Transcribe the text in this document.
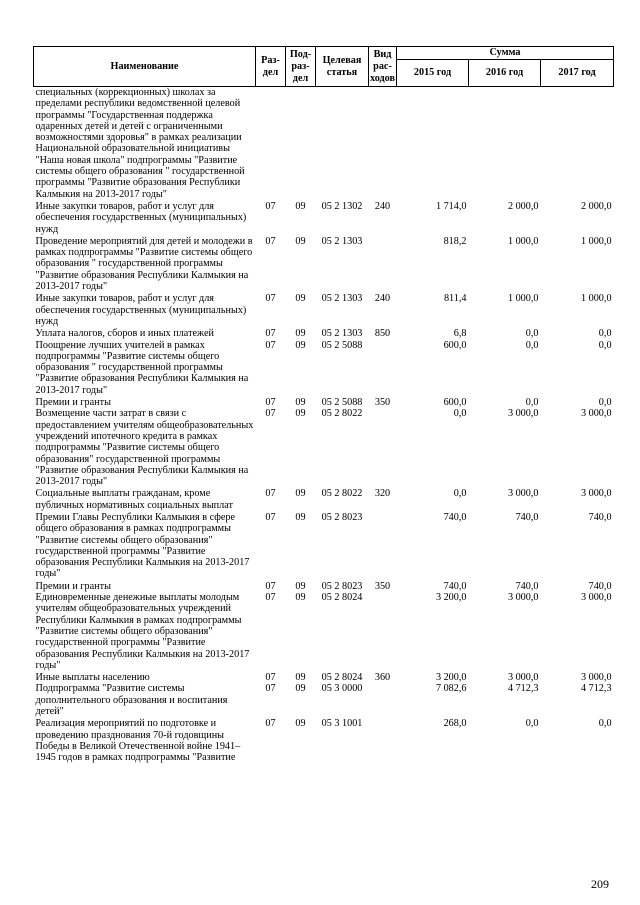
Наименование	Раз-дел	Под-раз-дел	Целевая статья	Вид рас-ходов	Сумма		
					2015 год	2016 год	2017 год
специальных (коррекционных) школах за пределами республики ведомственной целевой программы "Государственная поддержка одаренных детей и детей с ограниченными возможностями здоровья" в рамках реализации Национальной образовательной инициативы "Наша новая школа" подпрограммы "Развитие системы общего образования " государственной программы "Развитие образования Республики Калмыкия на 2013-2017 годы"							
Иные закупки товаров, работ и услуг для обеспечения государственных (муниципальных) нужд	07	09	05 2 1302	240	1 714,0	2 000,0	2 000,0
Проведение мероприятий для детей и молодежи в рамках подпрограммы "Развитие системы общего образования " государственной программы "Развитие образования Республики Калмыкия на 2013-2017 годы"	07	09	05 2 1303		818,2	1 000,0	1 000,0
Иные закупки товаров, работ и услуг для обеспечения государственных (муниципальных) нужд	07	09	05 2 1303	240	811,4	1 000,0	1 000,0
Уплата налогов, сборов и иных платежей	07	09	05 2 1303	850	6,8	0,0	0,0
Поощрение лучших учителей в рамках подпрограммы "Развитие системы общего образования " государственной программы "Развитие образования Республики Калмыкия на 2013-2017 годы"	07	09	05 2 5088		600,0	0,0	0,0
Премии и гранты	07	09	05 2 5088	350	600,0	0,0	0,0
Возмещение части затрат в связи с предоставлением учителям общеобразовательных учреждений ипотечного кредита в рамках подпрограммы "Развитие системы общего образования" государственной программы "Развитие образования Республики Калмыкия на 2013-2017 годы"	07	09	05 2 8022		0,0	3 000,0	3 000,0
Социальные выплаты гражданам, кроме публичных нормативных социальных выплат	07	09	05 2 8022	320	0,0	3 000,0	3 000,0
Премии Главы Республики Калмыкия в сфере общего образования в рамках подпрограммы "Развитие системы общего образования" государственной программы "Развитие образования Республики Калмыкия на 2013-2017 годы"	07	09	05 2 8023		740,0	740,0	740,0
Премии и гранты	07	09	05 2 8023	350	740,0	740,0	740,0
Единовременные денежные выплаты молодым учителям общеобразовательных учреждений Республики Калмыкия в рамках подпрограммы "Развитие системы общего образования" государственной программы "Развитие образования Республики Калмыкия на 2013-2017 годы"	07	09	05 2 8024		3 200,0	3 000,0	3 000,0
Иные выплаты населению	07	09	05 2 8024	360	3 200,0	3 000,0	3 000,0
Подпрограмма "Развитие системы дополнительного образования и воспитания детей"	07	09	05 3 0000		7 082,6	4 712,3	4 712,3
Реализация мероприятий по подготовке и проведению празднования 70-й годовщины Победы в Великой Отечественной войне 1941–1945 годов в рамках подпрограммы "Развитие	07	09	05 3 1001		268,0	0,0	0,0
209
